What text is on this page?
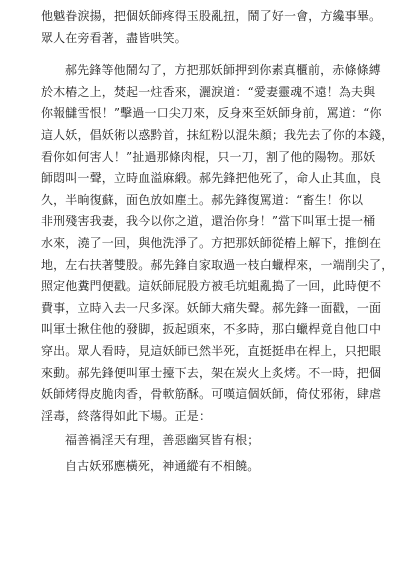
他魆眷淚揚，把個妖師疼得玉股亂扭，鬧了好一會，方纔事畢。
眾人在旁看著，盡皆哄笑。

郝先鋒等他鬧勾了，方把那妖師押到你素真櫃前，赤條條縛
於木樁之上，焚起一炷香來，灑淚道：“愛妻靈魂不遠！為夫與
你報讎雪恨！”擊過一口尖刀來，反身來至妖師身前，罵道：“你
這人妖，倡妖術以惑黔首，抹紅粉以混朱顏；我先去了你的本錢，
看你如何害人！”扯過那條肉棍，只一刀，割了他的陽物。那妖
師悶叫一聲，立時血溢麻緞。郝先鋒把他死了，命人止其血，良
久，半晌復蘇，面色放如塵土。郝先鋒復罵道：“畜生！你以
非刑殘害我妻，我今以你之道，還治你身！”當下叫軍士提一桶
水來，澆了一回，與他洗淨了。方把那妖師從樁上解下，推倒在
地，左右扶著雙股。郝先鋒自家取過一枝白蠟桿來，一端削尖了，
照定他糞門便戳。這妖師屁股方被毛坑蛆亂搗了一回，此時便不
費事，立時入去一尺多深。妖師大痛失聲。郝先鋒一面戳，一面
叫軍士揪住他的發脚，扳起頭來，不多時，那白蠟桿竟自他口中
穿出。眾人看時，見這妖師已然半死，直挺挺串在桿上，只把眼
來動。郝先鋒便叫軍士擡下去，架在炭火上炙烤。不一時，把個
妖師烤得皮脆肉香，骨軟筋酥。可嘆這個妖師，倚仗邪術，肆虐
淫毒，終落得如此下場。正是：

福善禍淫天有理，善惡幽冥皆有根；
自古妖邪應橫死，神通縱有不相饒。
